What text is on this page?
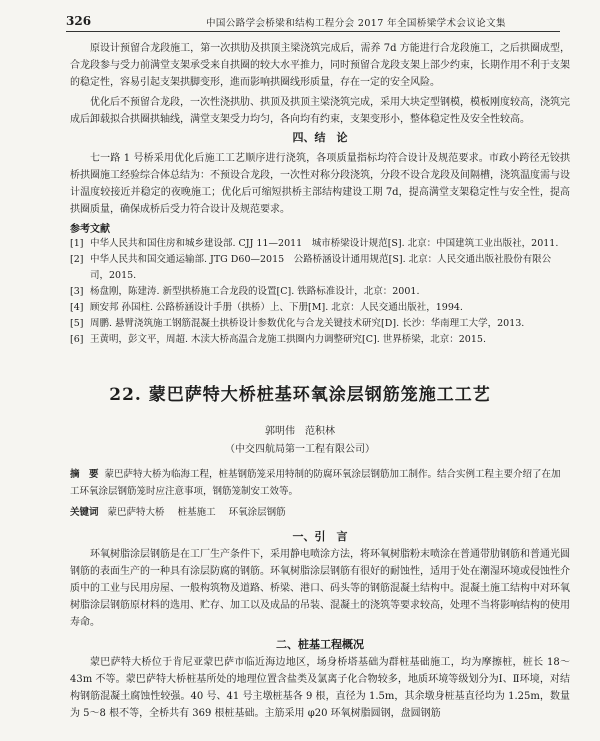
326	中国公路学会桥梁和结构工程分会 2017 年全国桥梁学术会议论文集

原设计预留合龙段施工，第一次拱肋及拱顶主梁浇筑完成后，需养 7d 方能进行合龙段施工，之后拱圈成型，合龙段参与受力前满堂支架承受来自拱圈的较大水平推力，同时预留合龙段支架上部少约束，长期作用不利于支架的稳定性，容易引起支架拱脚变形，進而影响拱圈线形质量，存在一定的安全风险。

优化后不预留合龙段，一次性浇拱肋、拱顶及拱顶主梁浇筑完成，采用大块定型钢模，模板刚度较高，浇筑完成后卸载拟合拱圈拱轴线，满堂支架受力均匀，各向均有约束，支架变形小，整体稳定性及安全性较高。

四、结　论

七一路 1 号桥采用优化后施工工艺顺序进行浇筑，各项质量指标均符合设计及规范要求。市政小跨径无铰拱桥拱圈施工经验综合体总结为：不预设合龙段，一次性对称分段浇筑，分段不设合龙段及间隔槽，浇筑温度需与设计温度较接近并稳定的夜晚施工；优化后可缩短拱桥主部结构建设工期 7d，提高满堂支架稳定性与安全性，提高拱圈质量，确保成桥后受力符合设计及规范要求。

参考文献
[1] 中华人民共和国住房和城乡建设部. CJJ 11—2011　城市桥梁设计规范[S]. 北京：中国建筑工业出版社，2011.
[2] 中华人民共和国交通运输部. JTG D60—2015　公路桥涵设计通用规范[S]. 北京：人民交通出版社股份有限公司，2015.
[3] 杨盘刚，陈建涛. 新型拱桥施工合龙段的设置[C]. 铁路标准设计，北京：2001.
[4] 顾安邦 孙国柱. 公路桥涵设计手册（拱桥）上、下册[M]. 北京：人民交通出版社，1994.
[5] 周鹏. 悬臂浇筑施工钢筋混凝土拱桥设计参数优化与合龙关键技术研究[D]. 长沙：华南理工大学，2013.
[6] 王黄明，彭文平，周超. 木渎大桥高温合龙施工拱圈内力调整研究[C]. 世界桥梁，北京：2015.
22. 蒙巴萨特大桥桩基环氧涂层钢筋笼施工工艺
郭明伟　范积林
（中交四航局第一工程有限公司）
摘　要 蒙巴萨特大桥为临海工程，桩基钢筋笼采用特制的防腐环氧涂层钢筋加工制作。结合实例工程主要介绍了在加工环氧涂层钢筋笼时应注意事项，钢筋笼制安工效等。
关键词 蒙巴萨特大桥 桩基施工 环氧涂层钢筋
一、引　言

环氧树脂涂层钢筋是在工厂生产条件下，采用静电喷涂方法，将环氧树脂粉末喷涂在普通带肋钢筋和普通光圆钢筋的表面生产的一种具有涂层防腐的钢筋。环氧树脂涂层钢筋有很好的耐蚀性，适用于处在潮湿环境或侵蚀性介质中的工业与民用房屋、一般构筑物及道路、桥梁、港口、码头等的钢筋混凝土结构中。混凝土施工结构中对环氧树脂涂层钢筋原材料的选用、贮存、加工以及成品的吊装、混凝土的浇筑等要求较高，处理不当将影响结构的使用寿命。

二、桩基工程概况

蒙巴萨特大桥位于肯尼亚蒙巴萨市临近海边地区，场身桥塔基础为群桩基础施工，均为摩擦桩，桩长 18～43m 不等。蒙巴萨特大桥桩基所处的地理位置含盐类及氯离子化合物较多，地质环境等级划分为Ⅰ、Ⅱ环境，对结构钢筋混凝土腐蚀性较强。40 号、41 号主墩桩基各 9 根，直径为 1.5m，其余墩身桩基直径均为 1.25m，数量为 5～8 根不等，全桥共有 369 根桩基础。主筋采用 φ20 环氧树脂圆钢，盘圆钢筋
